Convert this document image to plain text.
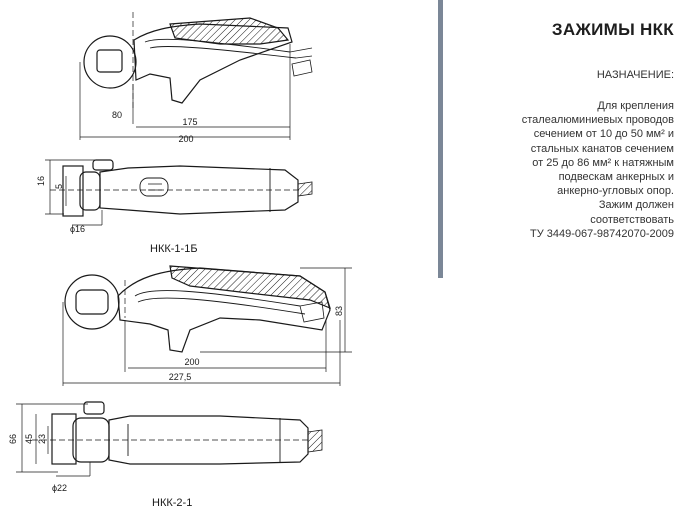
80
175
200
16
5
ϕ16
НКК-1-1Б
83
200
227,5
66 45 23
ϕ22
НКК-2-1
ЗАЖИМЫ НКК
НАЗНАЧЕНИЕ:
Для крепления
сталеалюминиевых проводов
сечением от 10 до 50 мм² и
стальных канатов сечением
от 25 до 86 мм² к натяжным
подвескам анкерных и
анкерно-угловых опор.
Зажим должен
соответствовать
ТУ 3449-067-98742070-2009
